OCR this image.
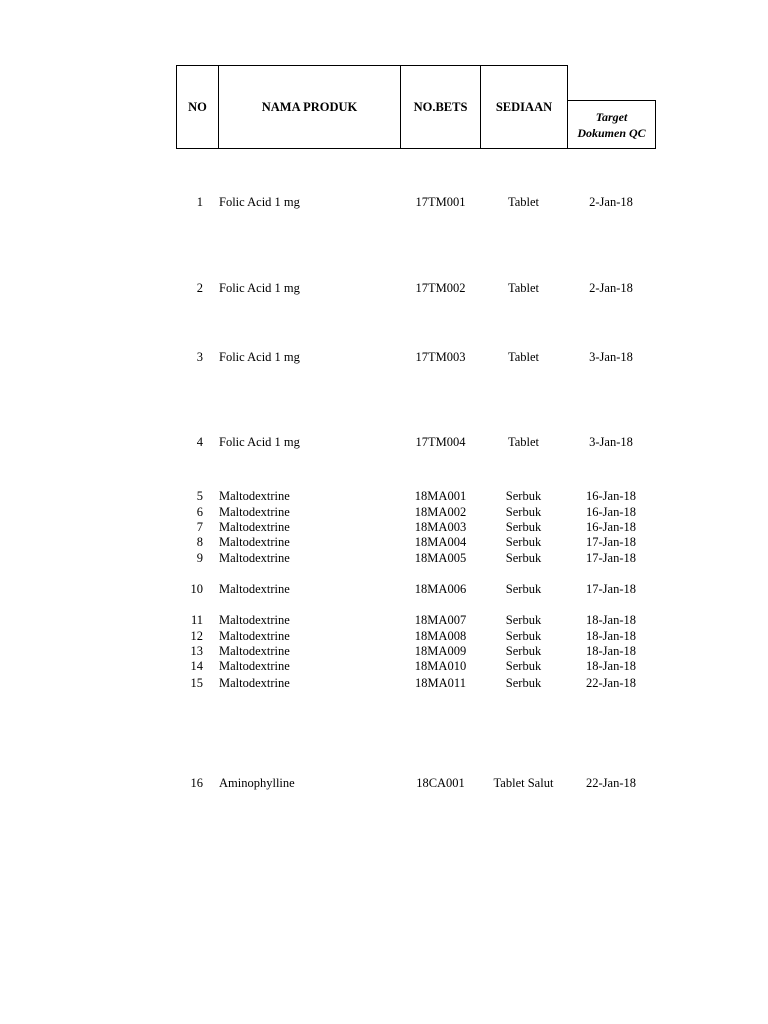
NO	NAMA PRODUK	NO.BETS	SEDIAAN
Target
Dokumen QC
1 Folic Acid 1 mg	17TM001	Tablet	2-Jan-18
2 Folic Acid 1 mg	17TM002	Tablet	2-Jan-18
3 Folic Acid 1 mg	17TM003	Tablet	3-Jan-18
4 Folic Acid 1 mg	17TM004	Tablet	3-Jan-18
5 Maltodextrine	18MA001	Serbuk	16-Jan-18
6 Maltodextrine	18MA002	Serbuk	16-Jan-18
7 Maltodextrine	18MA003	Serbuk	16-Jan-18
8 Maltodextrine	18MA004	Serbuk	17-Jan-18
9 Maltodextrine	18MA005	Serbuk	17-Jan-18
10 Maltodextrine	18MA006	Serbuk	17-Jan-18
11 Maltodextrine	18MA007	Serbuk	18-Jan-18
12 Maltodextrine	18MA008	Serbuk	18-Jan-18
13 Maltodextrine	18MA009	Serbuk	18-Jan-18
14 Maltodextrine	18MA010	Serbuk	18-Jan-18
15 Maltodextrine	18MA011	Serbuk	22-Jan-18
16 Aminophylline	18CA001	Tablet Salut	22-Jan-18
